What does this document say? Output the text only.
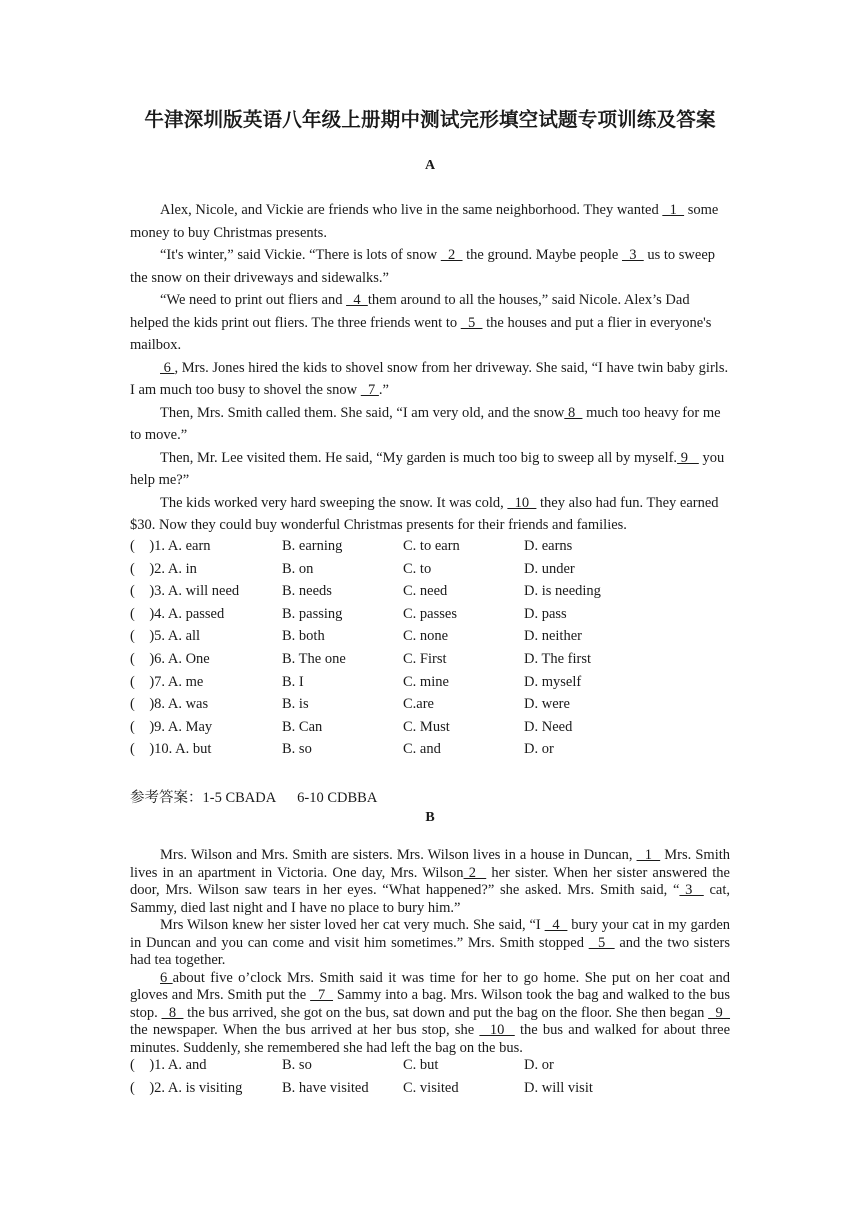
牛津深圳版英语八年级上册期中测试完形填空试题专项训练及答案
A

Alex, Nicole, and Vickie are friends who live in the same neighborhood. They wanted   1   some money to buy Christmas presents.

“It's winter,” said Vickie. “There is lots of snow   2   the ground. Maybe people   3   us to sweep the snow on their driveways and sidewalks.”

“We need to print out fliers and   4  them around to all the houses,” said Nicole. Alex’s Dad helped the kids print out fliers. The three friends went to   5   the houses and put a flier in everyone's mailbox.

6 , Mrs. Jones hired the kids to shovel snow from her driveway. She said, “I have twin baby girls. I am much too busy to shovel the snow   7 .”

Then, Mrs. Smith called them. She said, “I am very old, and the snow 8   much too heavy for me to move.”

Then, Mr. Lee visited them. He said, “My garden is much too big to sweep all by myself. 9    you help me?”

The kids worked very hard sweeping the snow. It was cold,   10   they also had fun. They earned $30. Now they could buy wonderful Christmas presents for their friends and families.

(    )1. A. earn	B. earning	C. to earn	D. earns
(    )2. A. in	B. on	C. to	D. under
(    )3. A. will need	B. needs	C. need	D. is needing
(    )4. A. passed	B. passing	C. passes	D. pass
(    )5. A. all	B. both	C. none	D. neither
(    )6. A. One	B. The one	C. First	D. The first
(    )7. A. me	B. I	C. mine	D. myself
(    )8. A. was	B. is	C.are	D. were
(    )9. A. May	B. Can	C. Must	D. Need
(    )10. A. but	B. so	C. and	D. or
参考答案：1-5 CBADA      6-10 CDBBA
B

Mrs. Wilson and Mrs. Smith are sisters. Mrs. Wilson lives in a house in Duncan,   1   Mrs. Smith lives in an apartment in Victoria. One day, Mrs. Wilson 2   her sister. When her sister answered the door, Mrs. Wilson saw tears in her eyes. “What happened?” she asked. Mrs. Smith said, “ 3   cat, Sammy, died last night and I have no place to bury him.”

Mrs Wilson knew her sister loved her cat very much. She said, “I   4   bury your cat in my garden in Duncan and you can come and visit him sometimes.” Mrs. Smith stopped   5   and the two sisters had tea together.

6 about five o’clock Mrs. Smith said it was time for her to go home. She put on her coat and gloves and Mrs. Smith put the   7   Sammy into a bag. Mrs. Wilson took the bag and walked to the bus stop.   8   the bus arrived, she got on the bus, sat down and put the bag on the floor. She then began   9   the newspaper. When the bus arrived at her bus stop, she   10   the bus and walked for about three minutes. Suddenly, she remembered she had left the bag on the bus.

(    )1. A. and	B. so	C. but	D. or
(    )2. A. is visiting	B. have visited C. visited	D. will visit
